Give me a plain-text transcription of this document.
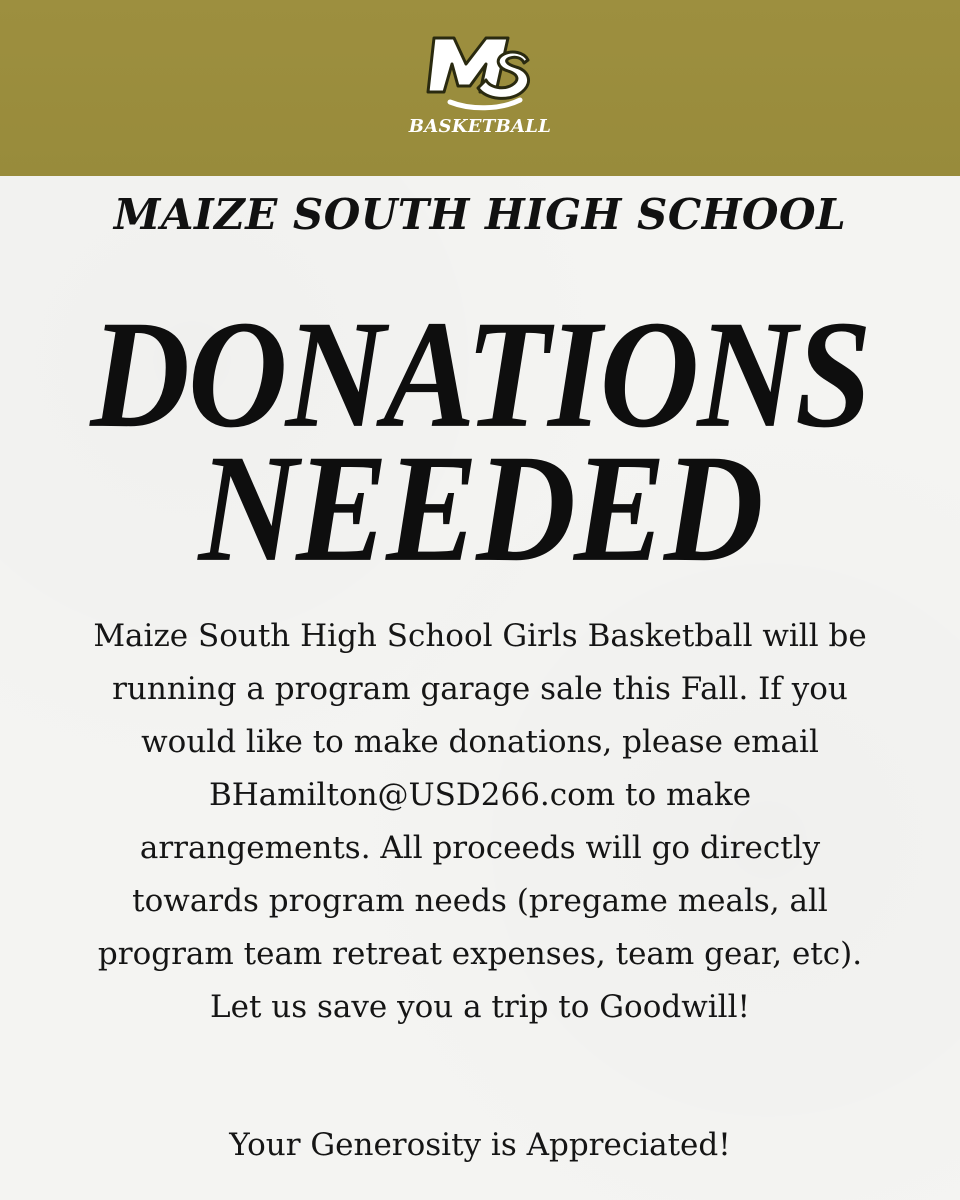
BASKETBALL
MAIZE SOUTH HIGH SCHOOL
DONATIONS
NEEDED
Maize South High School Girls Basketball will be running a program garage sale this Fall. If you would like to make donations, please email BHamilton@USD266.com to make arrangements. All proceeds will go directly towards program needs (pregame meals, all program team retreat expenses, team gear, etc). Let us save you a trip to Goodwill!
Your Generosity is Appreciated!
